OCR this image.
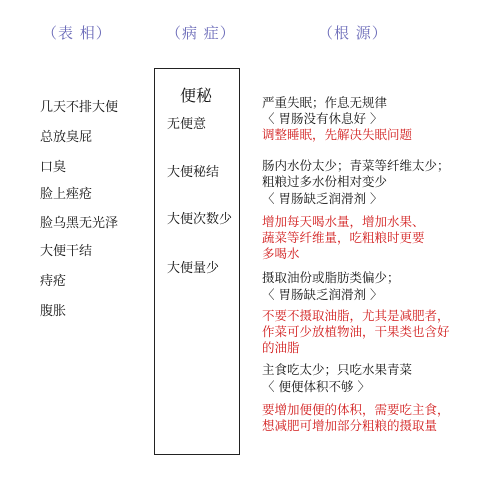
（表 相）	（病 症）	（根 源）
几天不排大便
总放臭屁
口臭
脸上痤疮
脸乌黑无光泽
大便干结
痔疮
腹胀
便秘
无便意
大便秘结
大便次数少
大便量少
严重失眠；作息无规律
〈 胃肠没有休息好 〉
调整睡眠，先解决失眠问题
肠内水份太少；青菜等纤维太少；
粗粮过多水份相对变少
〈 胃肠缺乏润滑剂 〉
增加每天喝水量，增加水果、
蔬菜等纤维量，吃粗粮时更要
多喝水
摄取油份或脂肪类偏少；
〈 胃肠缺乏润滑剂 〉
不要不摄取油脂，尤其是减肥者，
作菜可少放植物油，干果类也含好
的油脂
主食吃太少；只吃水果青菜
〈 便便体积不够 〉
要增加便便的体积，需要吃主食，
想减肥可增加部分粗粮的摄取量
